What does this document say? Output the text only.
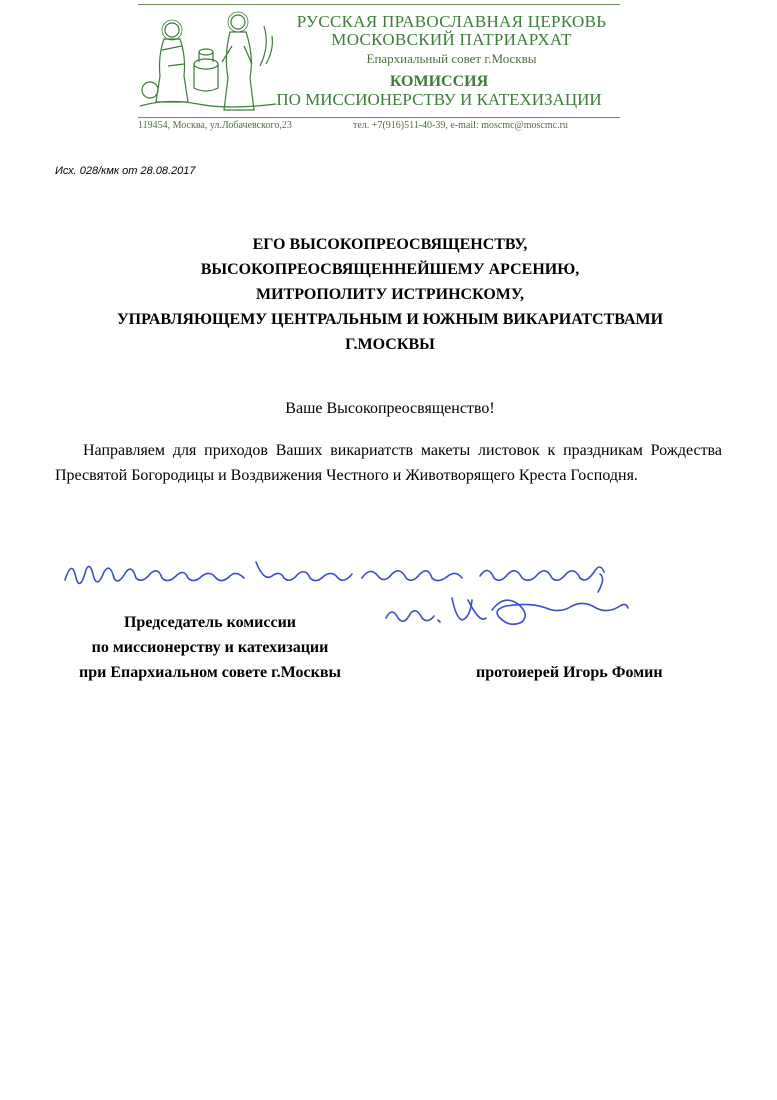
РУССКАЯ ПРАВОСЛАВНАЯ ЦЕРКОВЬ
МОСКОВСКИЙ ПАТРИАРХАТ
Епархиальный совет г.Москвы
КОМИССИЯ
ПО МИССИОНЕРСТВУ И КАТЕХИЗАЦИИ
119454, Москва, ул.Лобачевского,23	тел. +7(916)511-40-39, e-mail: moscmc@moscmc.ru
Исх. 028/кмк от 28.08.2017
ЕГО ВЫСОКОПРЕОСВЯЩЕНСТВУ,
ВЫСОКОПРЕОСВЯЩЕННЕЙШЕМУ АРСЕНИЮ,
МИТРОПОЛИТУ ИСТРИНСКОМУ,
УПРАВЛЯЮЩЕМУ ЦЕНТРАЛЬНЫМ И ЮЖНЫМ ВИКАРИАТСТВАМИ
Г.МОСКВЫ
Ваше Высокопреосвященство!
Направляем для приходов Ваших викариатств макеты листовок к праздникам Рождества Пресвятой Богородицы и Воздвижения Честного и Животворящего Креста Господня.
Председатель комиссии
по миссионерству и катехизации
при Епархиальном совете г.Москвы	протоиерей Игорь Фомин
